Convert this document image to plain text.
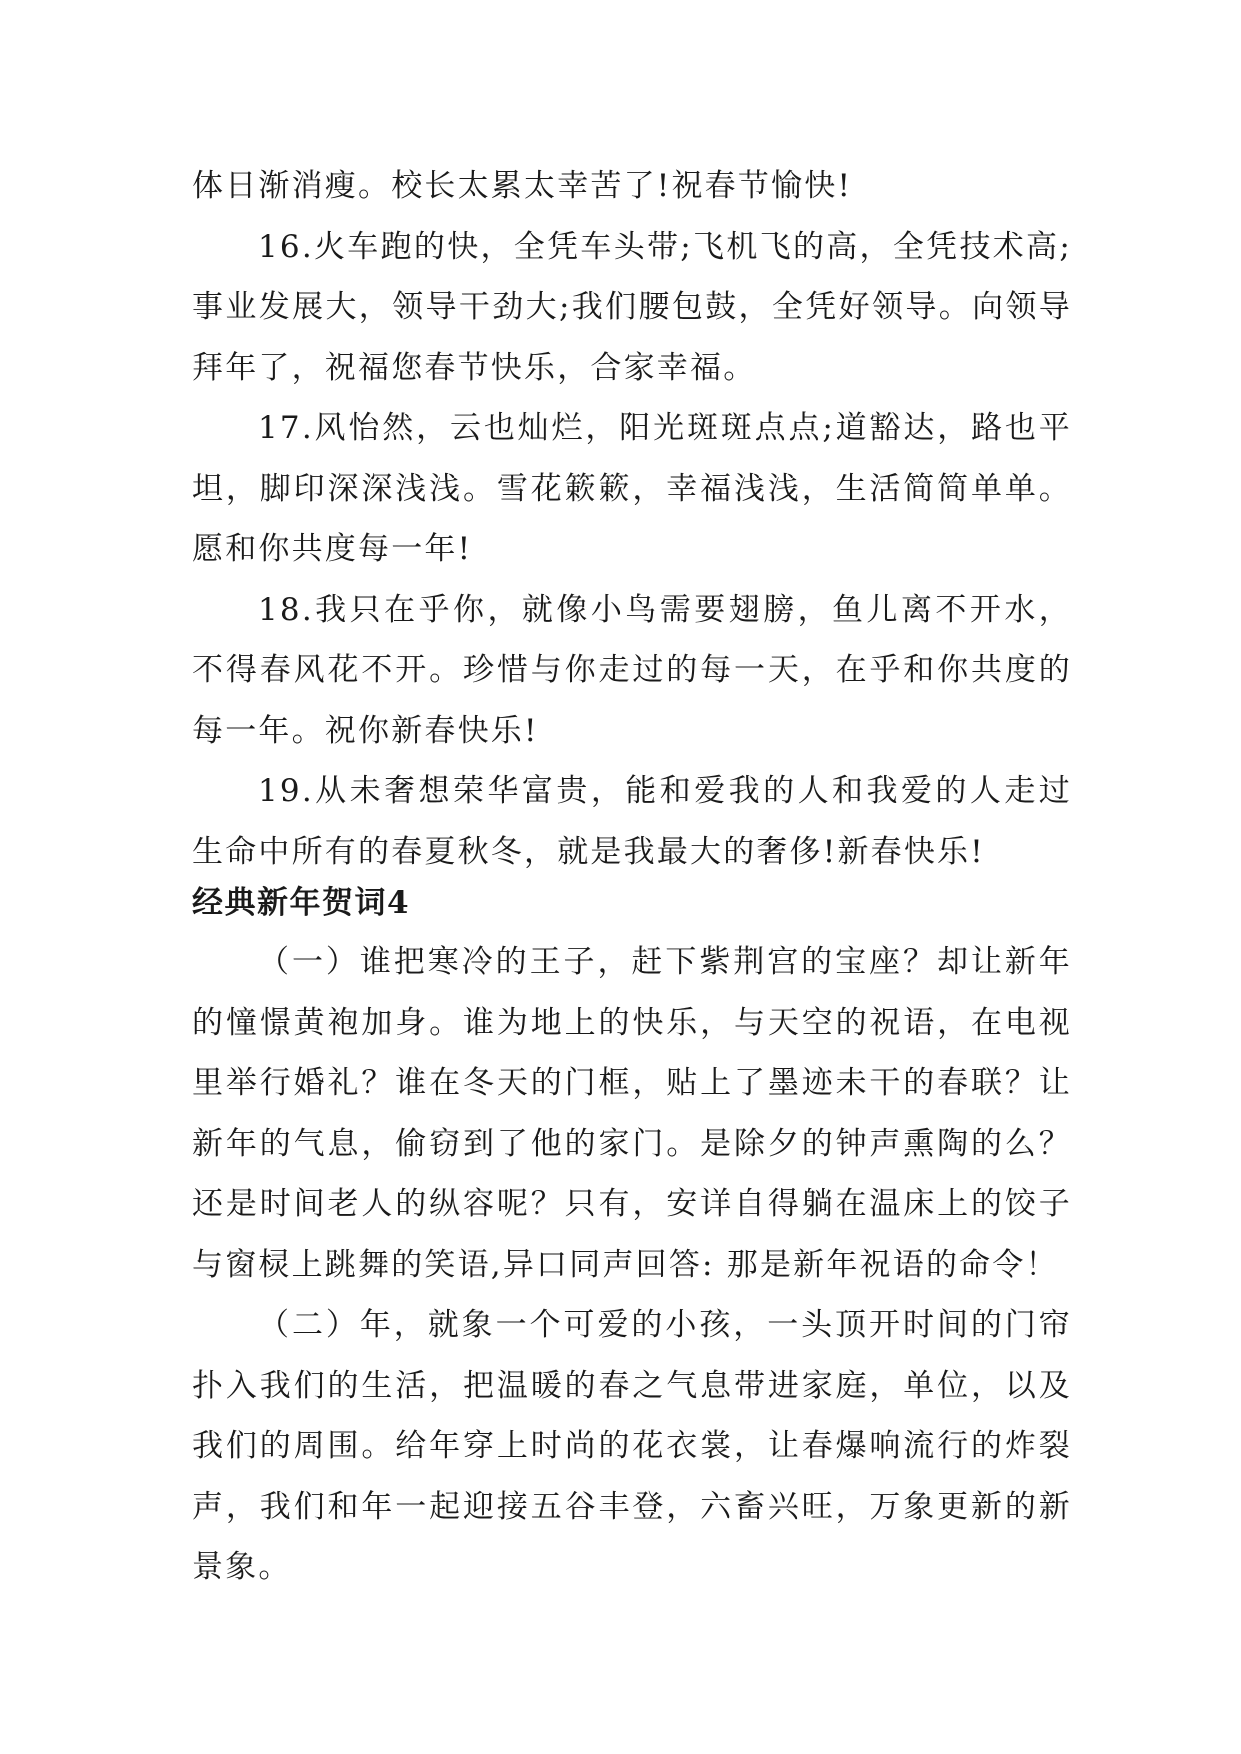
体日渐消瘦。校长太累太幸苦了!祝春节愉快!

16.火车跑的快，全凭车头带;飞机飞的高，全凭技术高;事业发展大，领导干劲大;我们腰包鼓，全凭好领导。向领导拜年了，祝福您春节快乐，合家幸福。

17.风怡然，云也灿烂，阳光斑斑点点;道豁达，路也平坦，脚印深深浅浅。雪花簌簌，幸福浅浅，生活简简单单。愿和你共度每一年!

18.我只在乎你，就像小鸟需要翅膀，鱼儿离不开水，不得春风花不开。珍惜与你走过的每一天，在乎和你共度的每一年。祝你新春快乐!

19.从未奢想荣华富贵，能和爱我的人和我爱的人走过生命中所有的春夏秋冬，就是我最大的奢侈!新春快乐!

经典新年贺词4

（一）谁把寒冷的王子，赶下紫荆宫的宝座？却让新年的憧憬黄袍加身。谁为地上的快乐，与天空的祝语，在电视里举行婚礼？谁在冬天的门框，贴上了墨迹未干的春联？让新年的气息，偷窃到了他的家门。是除夕的钟声熏陶的么？还是时间老人的纵容呢？只有，安详自得躺在温床上的饺子与窗棂上跳舞的笑语,异口同声回答: 那是新年祝语的命令！

（二）年，就象一个可爱的小孩，一头顶开时间的门帘扑入我们的生活，把温暖的春之气息带进家庭，单位，以及我们的周围。给年穿上时尚的花衣裳，让春爆响流行的炸裂声，我们和年一起迎接五谷丰登，六畜兴旺，万象更新的新景象。
